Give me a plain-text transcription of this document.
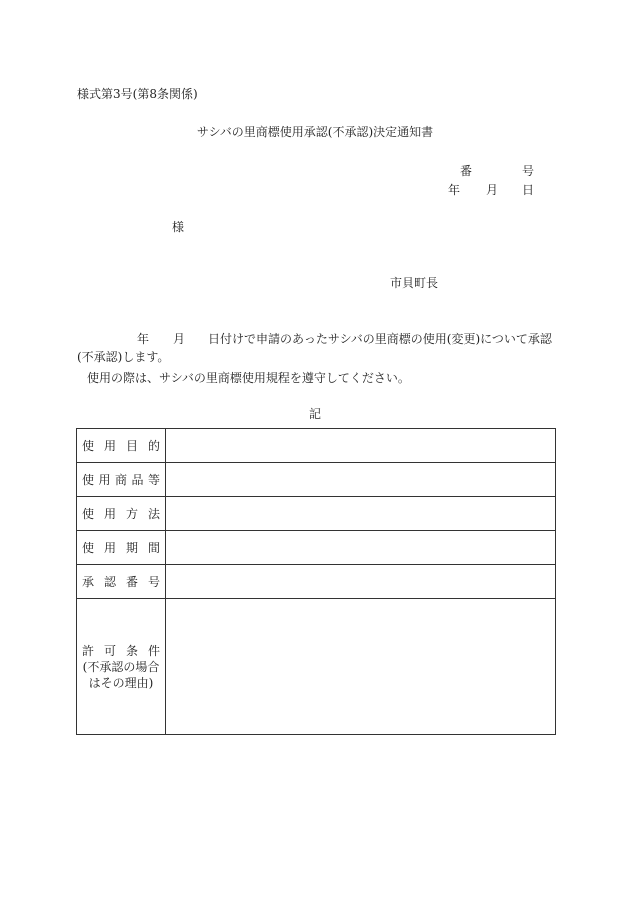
様式第3号(第8条関係)
サシバの里商標使用承認(不承認)決定通知書
番	号
年 月 日
様
市貝町長
年 月 日付けで申請のあったサシバの里商標の使用(変更)について承認
(不承認)します。
使用の際は、サシバの里商標使用規程を遵守してください。
記
使 用 目 的	
使 用 商 品 等	
使 用 方 法	
使 用 期 間	
承 認 番 号	
許 可 条 件
(不承認の場合
はその理由)	
